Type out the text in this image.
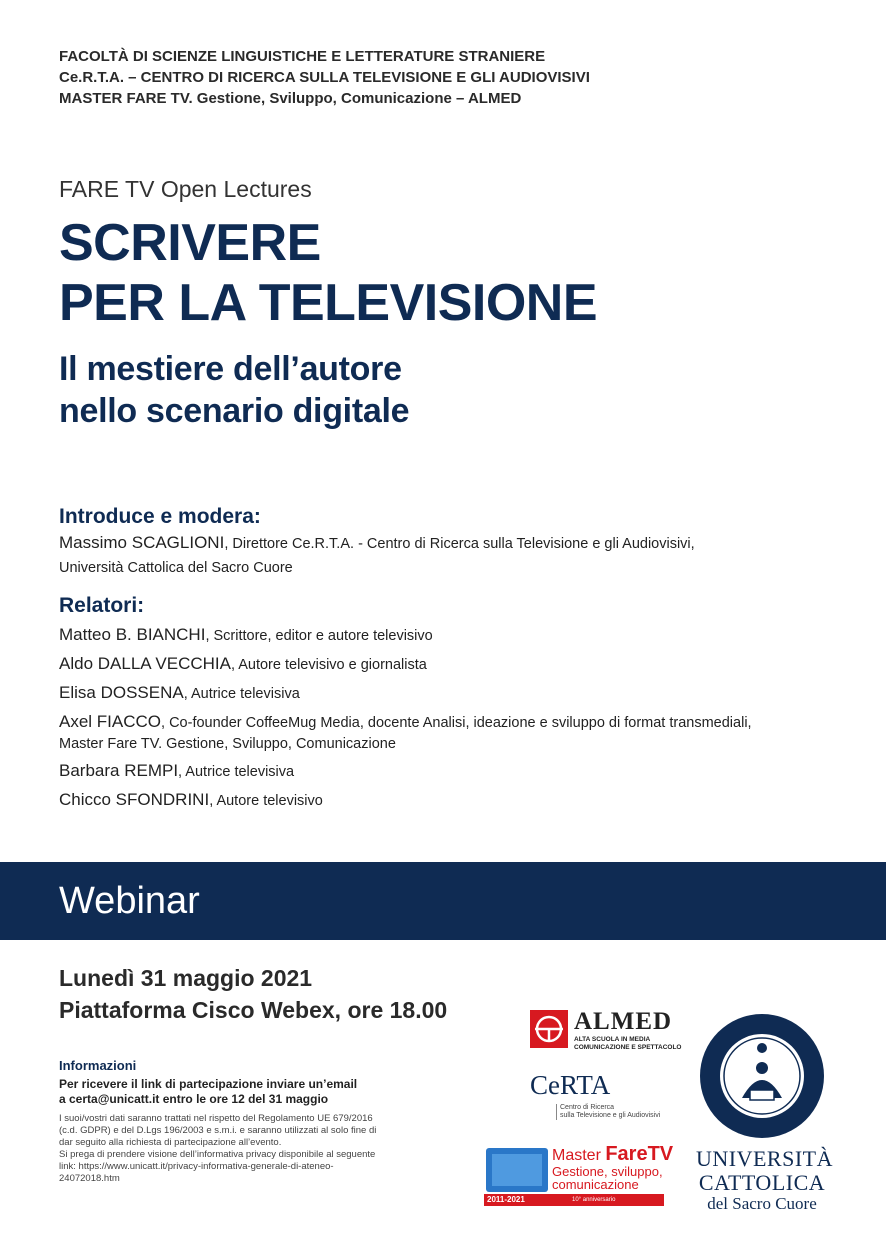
FACOLTÀ DI SCIENZE LINGUISTICHE E LETTERATURE STRANIERE
Ce.R.T.A. – CENTRO DI RICERCA SULLA TELEVISIONE E GLI AUDIOVISIVI
MASTER FARE TV. Gestione, Sviluppo, Comunicazione – ALMED
FARE TV Open Lectures
SCRIVERE
PER LA TELEVISIONE
Il mestiere dell’autore
nello scenario digitale
Introduce e modera:
Massimo SCAGLIONI, Direttore Ce.R.T.A. - Centro di Ricerca sulla Televisione e gli Audiovisivi,
Università Cattolica del Sacro Cuore
Relatori:
Matteo B. BIANCHI, Scrittore, editor e autore televisivo
Aldo DALLA VECCHIA, Autore televisivo e giornalista
Elisa DOSSENA, Autrice televisiva
Axel FIACCO, Co-founder CoffeeMug Media, docente Analisi, ideazione e sviluppo di format transmediali,
Master Fare TV. Gestione, Sviluppo, Comunicazione
Barbara REMPI, Autrice televisiva
Chicco SFONDRINI, Autore televisivo
Webinar
Lunedì 31 maggio 2021
Piattaforma Cisco Webex, ore 18.00
Informazioni
Per ricevere il link di partecipazione inviare un’email
a certa@unicatt.it entro le ore 12 del 31 maggio
I suoi/vostri dati saranno trattati nel rispetto del Regolamento UE 679/2016 (c.d. GDPR) e del D.Lgs 196/2003 e s.m.i. e saranno utilizzati al solo fine di dar seguito alla richiesta di partecipazione all’evento.
Si prega di prendere visione dell’informativa privacy disponibile al seguente link: https://www.unicatt.it/privacy-informativa-generale-di-ateneo-24072018.htm
ALMED
ALTA SCUOLA IN MEDIA
COMUNICAZIONE E SPETTACOLO
CeRTA
Centro di Ricerca
sulla Televisione e gli Audiovisivi
Master FareTV
Gestione, sviluppo,
comunicazione
2011-2021	10° anniversario
UNIVERSITÀ
CATTOLICA
del Sacro Cuore
